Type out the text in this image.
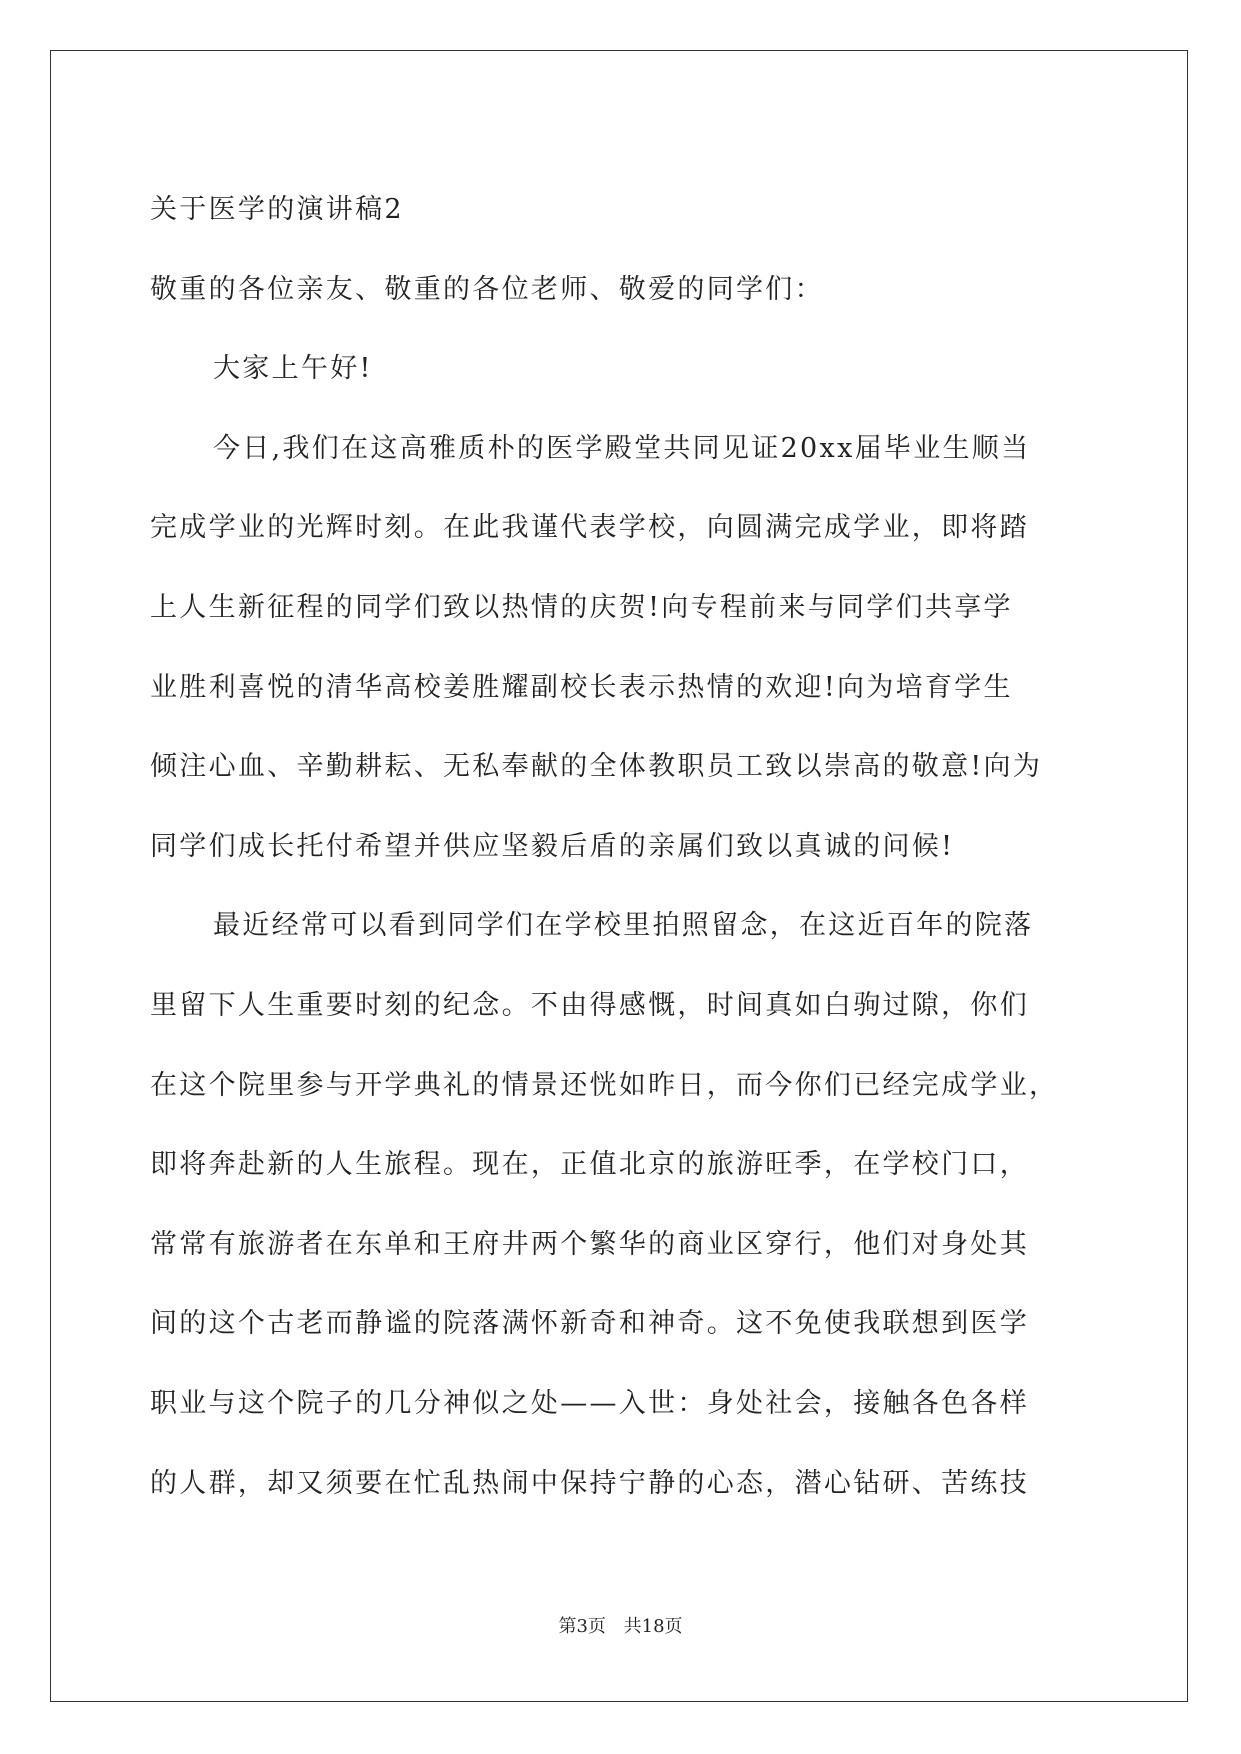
关于医学的演讲稿2
敬重的各位亲友、敬重的各位老师、敬爱的同学们：
大家上午好!
今日,我们在这高雅质朴的医学殿堂共同见证20xx届毕业生顺当
完成学业的光辉时刻。在此我谨代表学校，向圆满完成学业，即将踏
上人生新征程的同学们致以热情的庆贺!向专程前来与同学们共享学
业胜利喜悦的清华高校姜胜耀副校长表示热情的欢迎!向为培育学生
倾注心血、辛勤耕耘、无私奉献的全体教职员工致以崇高的敬意!向为
同学们成长托付希望并供应坚毅后盾的亲属们致以真诚的问候!
最近经常可以看到同学们在学校里拍照留念，在这近百年的院落
里留下人生重要时刻的纪念。不由得感慨，时间真如白驹过隙，你们
在这个院里参与开学典礼的情景还恍如昨日，而今你们已经完成学业，
即将奔赴新的人生旅程。现在，正值北京的旅游旺季，在学校门口，
常常有旅游者在东单和王府井两个繁华的商业区穿行，他们对身处其
间的这个古老而静谧的院落满怀新奇和神奇。这不免使我联想到医学
职业与这个院子的几分神似之处——入世：身处社会，接触各色各样
的人群，却又须要在忙乱热闹中保持宁静的心态，潜心钻研、苦练技
第3页 共18页
